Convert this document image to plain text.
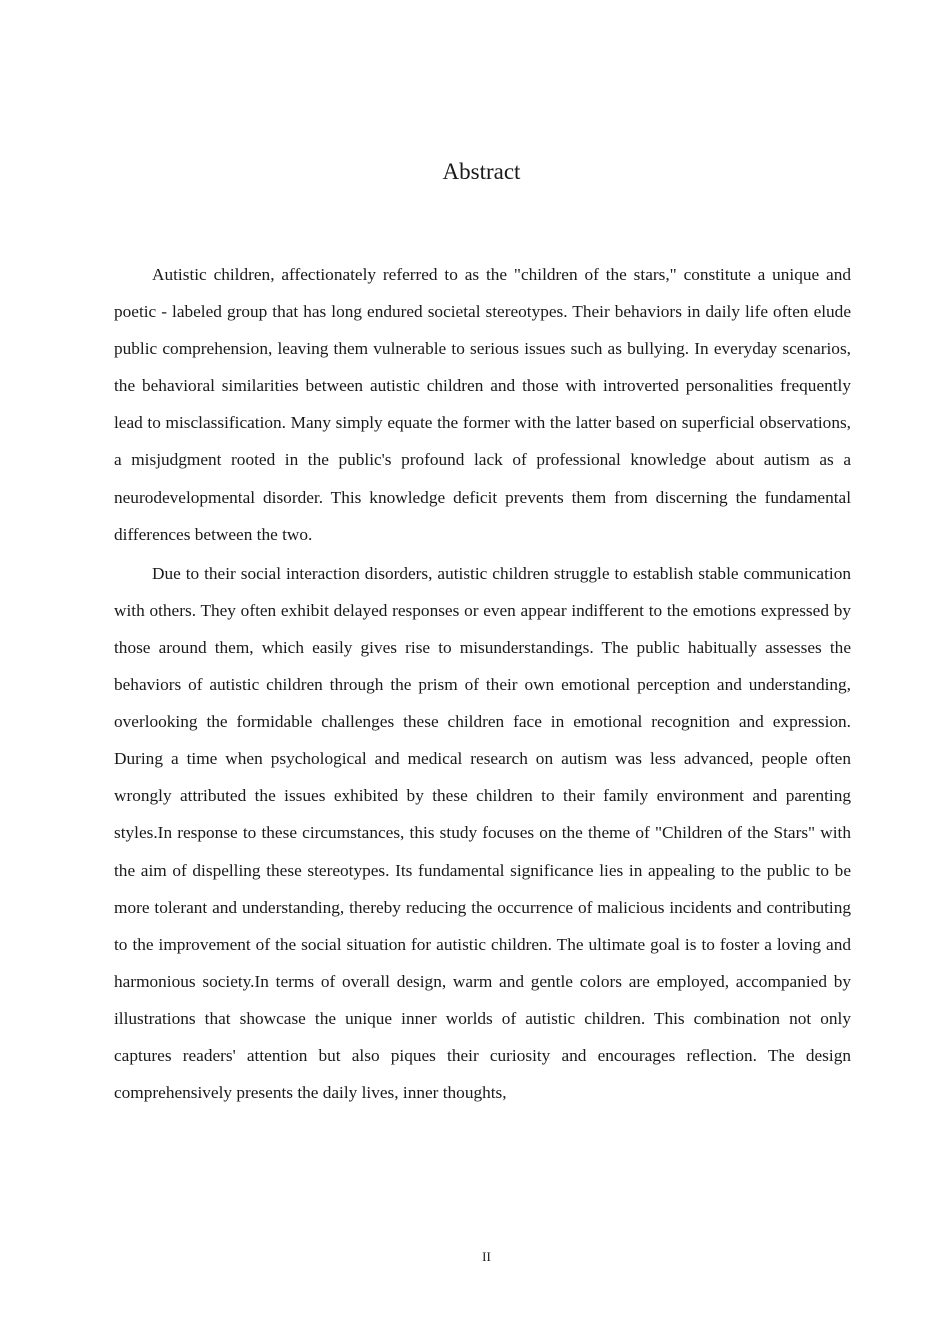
Abstract

Autistic children, affectionately referred to as the "children of the stars," constitute a unique and poetic - labeled group that has long endured societal stereotypes. Their behaviors in daily life often elude public comprehension, leaving them vulnerable to serious issues such as bullying. In everyday scenarios, the behavioral similarities between autistic children and those with introverted personalities frequently lead to misclassification. Many simply equate the former with the latter based on superficial observations, a misjudgment rooted in the public's profound lack of professional knowledge about autism as a neurodevelopmental disorder. This knowledge deficit prevents them from discerning the fundamental differences between the two.

Due to their social interaction disorders, autistic children struggle to establish stable communication with others. They often exhibit delayed responses or even appear indifferent to the emotions expressed by those around them, which easily gives rise to misunderstandings. The public habitually assesses the behaviors of autistic children through the prism of their own emotional perception and understanding, overlooking the formidable challenges these children face in emotional recognition and expression. During a time when psychological and medical research on autism was less advanced, people often wrongly attributed the issues exhibited by these children to their family environment and parenting styles.In response to these circumstances, this study focuses on the theme of "Children of the Stars" with the aim of dispelling these stereotypes. Its fundamental significance lies in appealing to the public to be more tolerant and understanding, thereby reducing the occurrence of malicious incidents and contributing to the improvement of the social situation for autistic children. The ultimate goal is to foster a loving and harmonious society.In terms of overall design, warm and gentle colors are employed, accompanied by illustrations that showcase the unique inner worlds of autistic children. This combination not only captures readers' attention but also piques their curiosity and encourages reflection. The design comprehensively presents the daily lives, inner thoughts,

II
